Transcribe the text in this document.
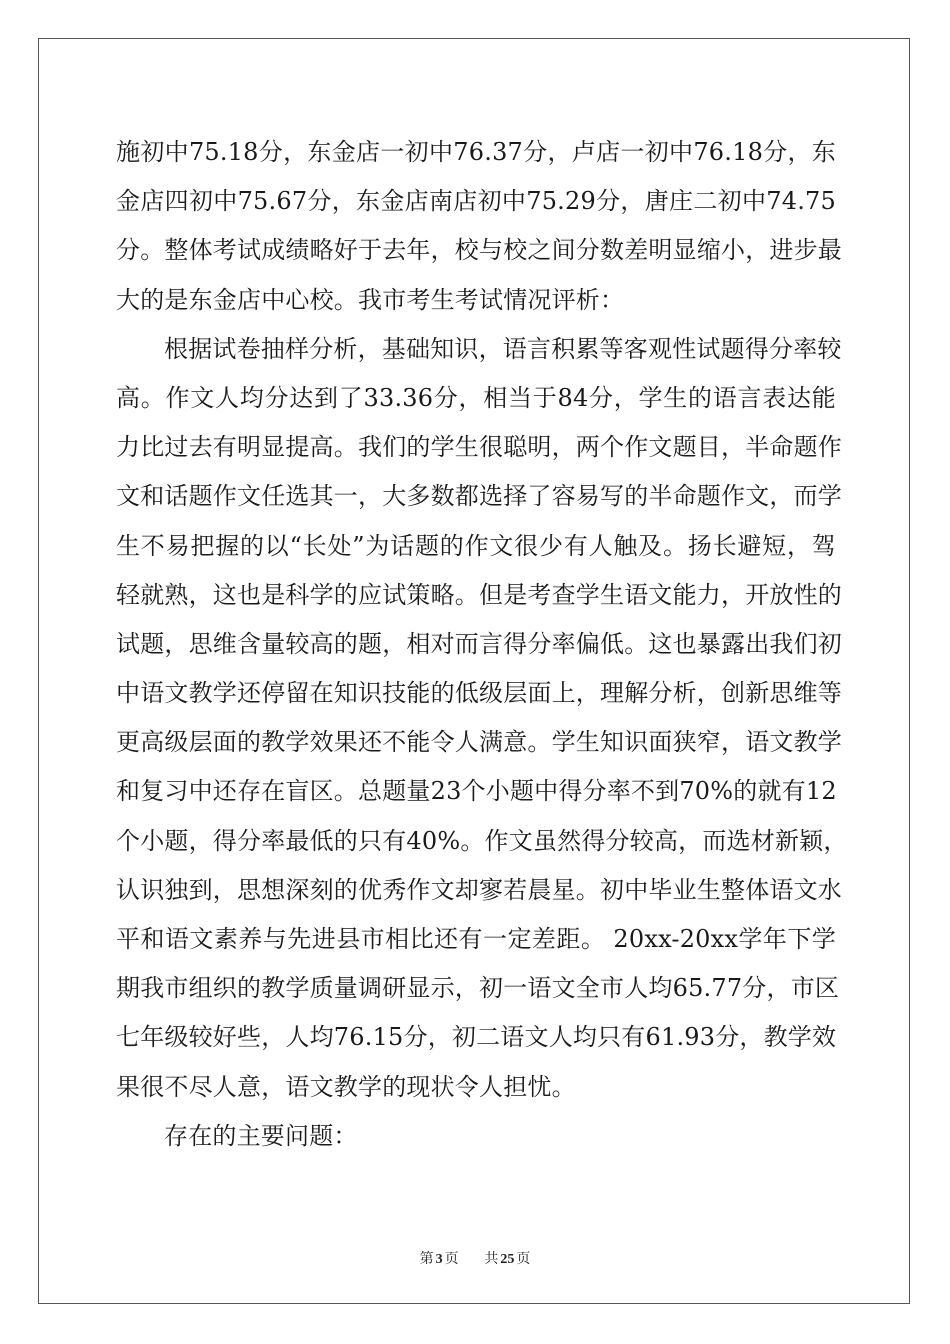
施初中75.18分，东金店一初中76.37分，卢店一初中76.18分，东
金店四初中75.67分，东金店南店初中75.29分，唐庄二初中74.75
分。整体考试成绩略好于去年，校与校之间分数差明显缩小，进步最
大的是东金店中心校。我市考生考试情况评析：
根据试卷抽样分析，基础知识，语言积累等客观性试题得分率较
高。作文人均分达到了33.36分，相当于84分，学生的语言表达能
力比过去有明显提高。我们的学生很聪明，两个作文题目，半命题作
文和话题作文任选其一，大多数都选择了容易写的半命题作文，而学
生不易把握的以“长处”为话题的作文很少有人触及。扬长避短，驾
轻就熟，这也是科学的应试策略。但是考查学生语文能力，开放性的
试题，思维含量较高的题，相对而言得分率偏低。这也暴露出我们初
中语文教学还停留在知识技能的低级层面上，理解分析，创新思维等
更高级层面的教学效果还不能令人满意。学生知识面狭窄，语文教学
和复习中还存在盲区。总题量23个小题中得分率不到70%的就有12
个小题，得分率最低的只有40%。作文虽然得分较高，而选材新颖，
认识独到，思想深刻的优秀作文却寥若晨星。初中毕业生整体语文水
平和语文素养与先进县市相比还有一定差距。 20xx-20xx学年下学
期我市组织的教学质量调研显示，初一语文全市人均65.77分，市区
七年级较好些，人均76.15分，初二语文人均只有61.93分，教学效
果很不尽人意，语文教学的现状令人担忧。
存在的主要问题：
第 3 页 共 25 页
